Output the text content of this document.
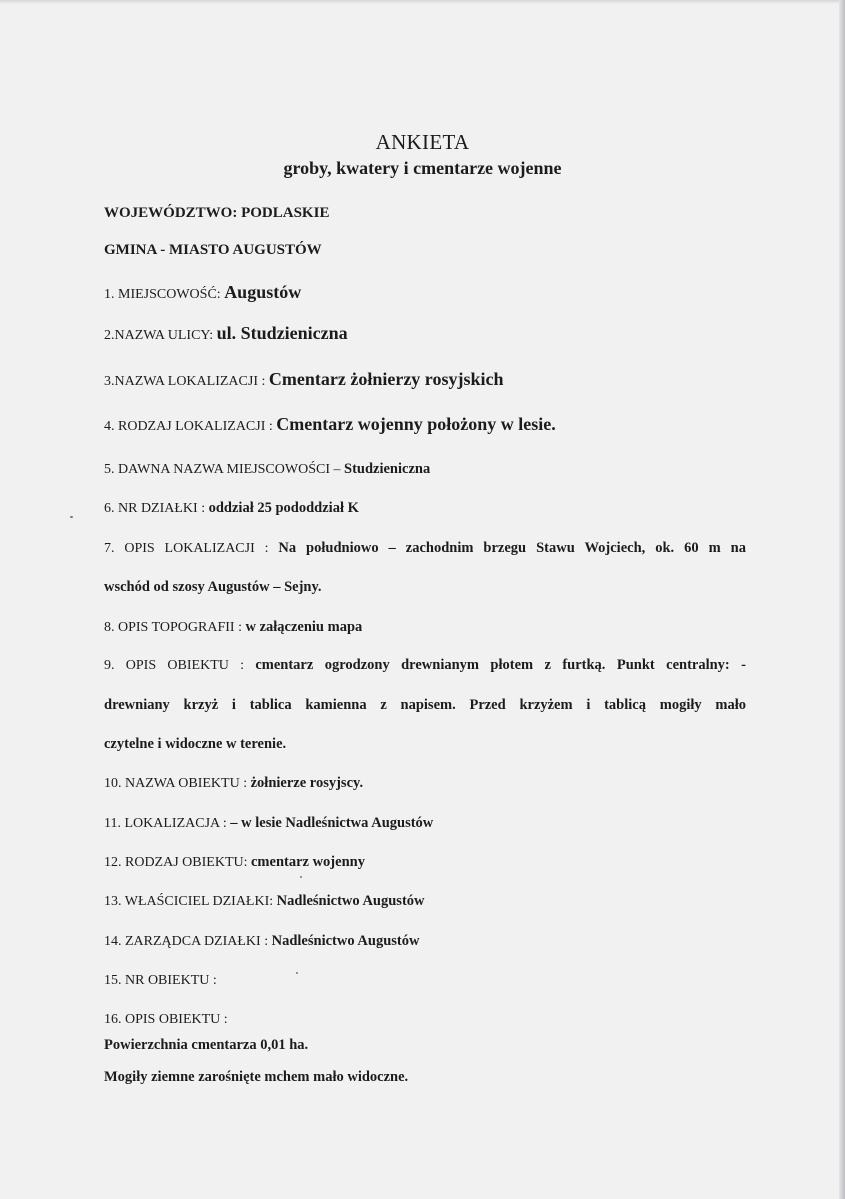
ANKIETA
groby, kwatery i cmentarze wojenne
WOJEWÓDZTWO: PODLASKIE
GMINA - MIASTO AUGUSTÓW
1. MIEJSCOWOŚĆ: Augustów
2.NAZWA ULICY: ul. Studzieniczna
3.NAZWA LOKALIZACJI : Cmentarz żołnierzy rosyjskich
4. RODZAJ LOKALIZACJI : Cmentarz wojenny położony w lesie.
5. DAWNA NAZWA MIEJSCOWOŚCI – Studzieniczna
6. NR DZIAŁKI : oddział 25 pododdział K
7. OPIS LOKALIZACJI : Na południowo – zachodnim brzegu Stawu Wojciech, ok. 60 m na
wschód od szosy Augustów – Sejny.
8. OPIS TOPOGRAFII : w załączeniu mapa
9. OPIS OBIEKTU : cmentarz ogrodzony drewnianym płotem z furtką. Punkt centralny: -
drewniany krzyż i tablica kamienna z napisem. Przed krzyżem i tablicą mogiły mało
czytelne i widoczne w terenie.
10. NAZWA OBIEKTU : żołnierze rosyjscy.
11. LOKALIZACJA : – w lesie Nadleśnictwa Augustów
12. RODZAJ OBIEKTU: cmentarz wojenny
13. WŁAŚCICIEL DZIAŁKI: Nadleśnictwo Augustów
14. ZARZĄDCA DZIAŁKI : Nadleśnictwo Augustów
15. NR OBIEKTU :
16. OPIS OBIEKTU :
Powierzchnia cmentarza 0,01 ha.
Mogiły ziemne zarośnięte mchem mało widoczne.
